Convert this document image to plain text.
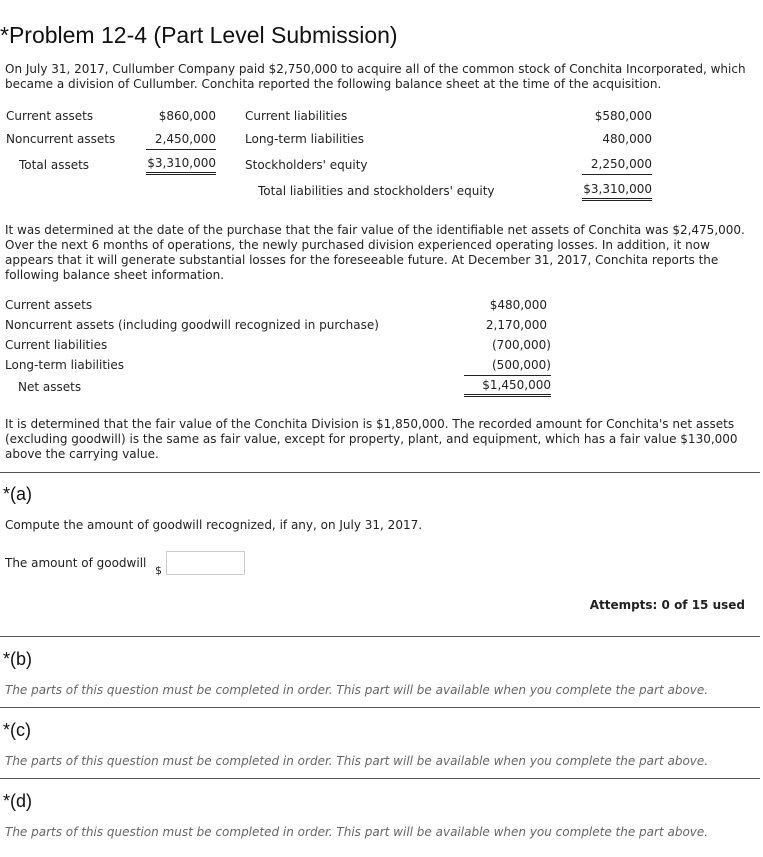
*Problem 12-4 (Part Level Submission)
On July 31, 2017, Cullumber Company paid $2,750,000 to acquire all of the common stock of Conchita Incorporated, which became a division of Cullumber. Conchita reported the following balance sheet at the time of the acquisition.
Current assets	$860,000
Noncurrent assets	2,450,000
Total assets	$3,310,000
Current liabilities	$580,000
Long-term liabilities	480,000
Stockholders' equity	2,250,000
Total liabilities and stockholders' equity	$3,310,000
It was determined at the date of the purchase that the fair value of the identifiable net assets of Conchita was $2,475,000. Over the next 6 months of operations, the newly purchased division experienced operating losses. In addition, it now appears that it will generate substantial losses for the foreseeable future. At December 31, 2017, Conchita reports the following balance sheet information.
Current assets	$480,000
Noncurrent assets (including goodwill recognized in purchase)	2,170,000
Current liabilities	(700,000)
Long-term liabilities	(500,000)
Net assets	$1,450,000
It is determined that the fair value of the Conchita Division is $1,850,000. The recorded amount for Conchita's net assets (excluding goodwill) is the same as fair value, except for property, plant, and equipment, which has a fair value $130,000 above the carrying value.
*(a)
Compute the amount of goodwill recognized, if any, on July 31, 2017.
The amount of goodwill
$
Attempts: 0 of 15 used
*(b)
The parts of this question must be completed in order. This part will be available when you complete the part above.
*(c)
The parts of this question must be completed in order. This part will be available when you complete the part above.
*(d)
The parts of this question must be completed in order. This part will be available when you complete the part above.
